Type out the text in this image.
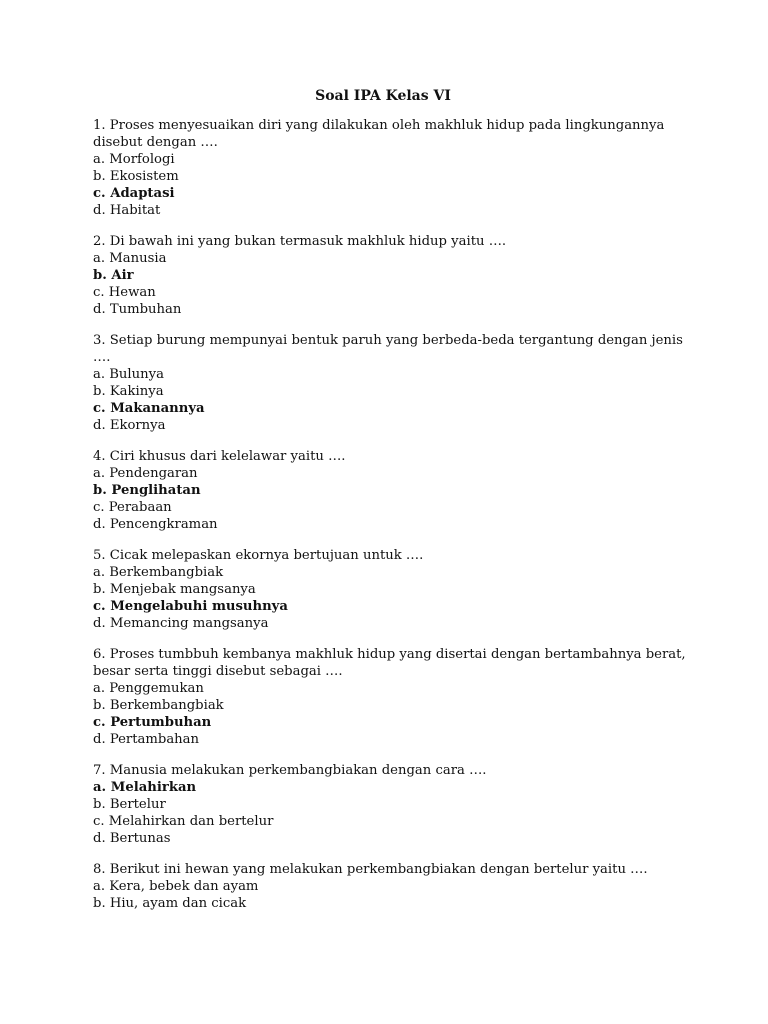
Soal IPA Kelas VI
1. Proses menyesuaikan diri yang dilakukan oleh makhluk hidup pada lingkungannya
disebut dengan ….
a. Morfologi
b. Ekosistem
c. Adaptasi
d. Habitat
2. Di bawah ini yang bukan termasuk makhluk hidup yaitu ….
a. Manusia
b. Air
c. Hewan
d. Tumbuhan
3. Setiap burung mempunyai bentuk paruh yang berbeda-beda tergantung dengan jenis
….
a. Bulunya
b. Kakinya
c. Makanannya
d. Ekornya
4. Ciri khusus dari kelelawar yaitu ….
a. Pendengaran
b. Penglihatan
c. Perabaan
d. Pencengkraman
5. Cicak melepaskan ekornya bertujuan untuk ….
a. Berkembangbiak
b. Menjebak mangsanya
c. Mengelabuhi musuhnya
d. Memancing mangsanya
6. Proses tumbbuh kembanya makhluk hidup yang disertai dengan bertambahnya berat,
besar serta tinggi disebut sebagai ….
a. Penggemukan
b. Berkembangbiak
c. Pertumbuhan
d. Pertambahan
7. Manusia melakukan perkembangbiakan dengan cara ….
a. Melahirkan
b. Bertelur
c. Melahirkan dan bertelur
d. Bertunas
8. Berikut ini hewan yang melakukan perkembangbiakan dengan bertelur yaitu ….
a. Kera, bebek dan ayam
b. Hiu, ayam dan cicak
